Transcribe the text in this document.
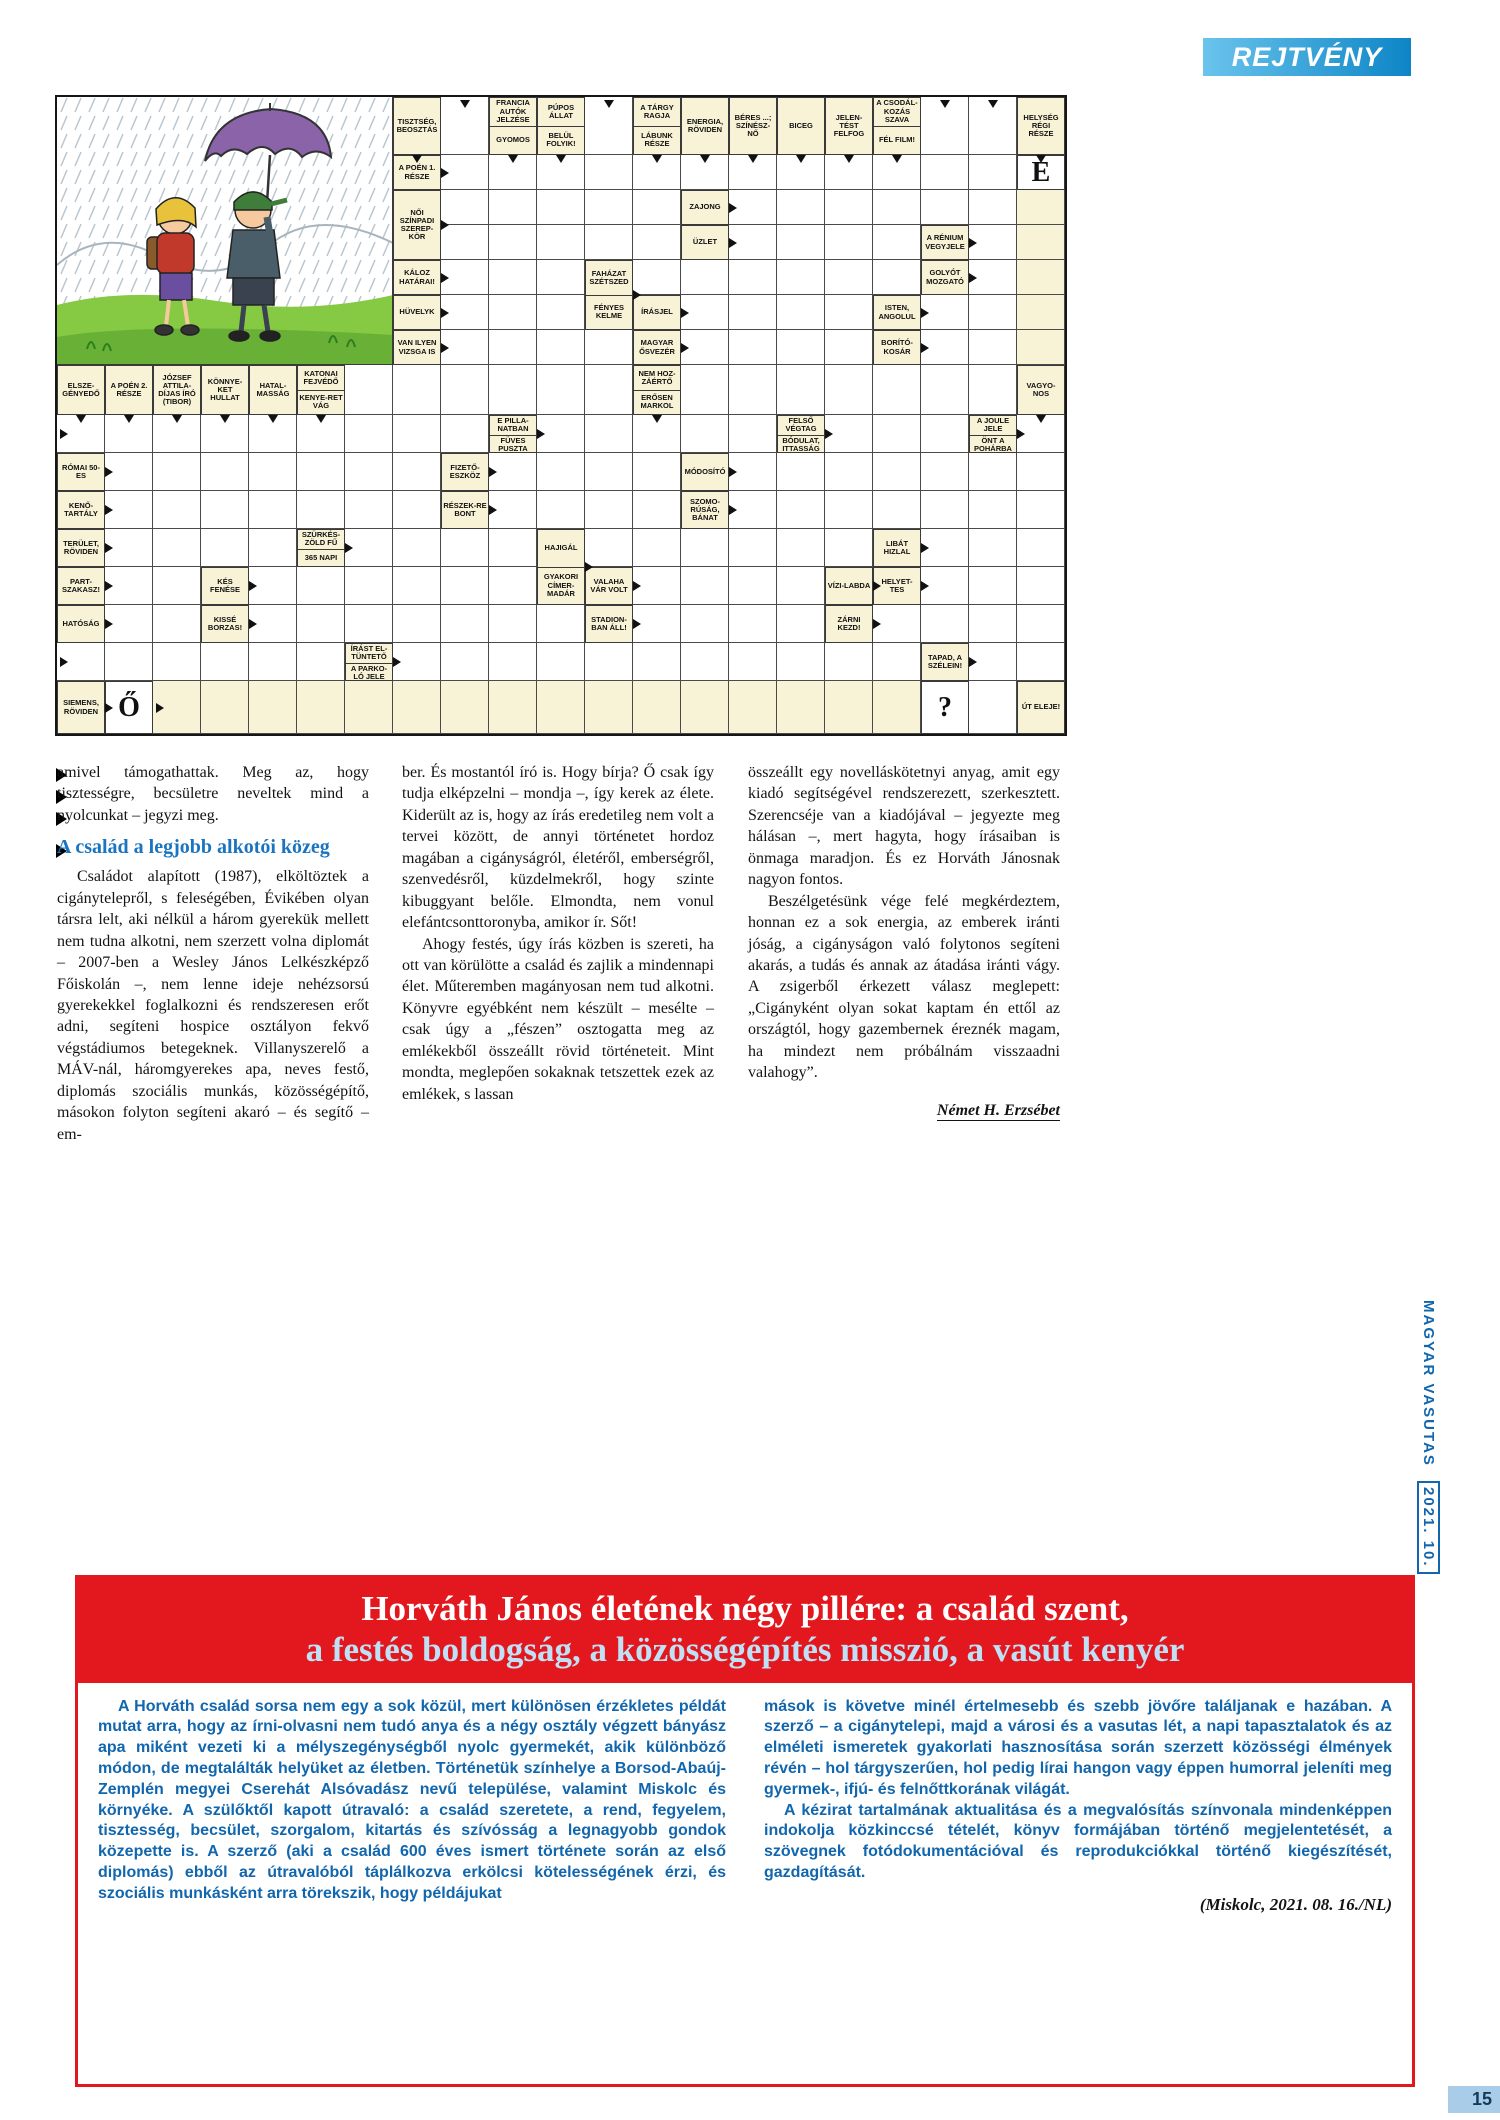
REJTVÉNY
TISZTSÉG, BEOSZTÁS
FRANCIA AUTÓK JELZÉSE
GYOMOS
PÚPOS ÁLLAT
BELÜL FOLYIK!
A TÁRGY RAGJA
LÁBUNK RÉSZE
ENERGIA, RÖVIDEN
BÉRES ...; SZÍNÉSZ-NŐ
BICEG
JELEN-TÉST FELFOG
A CSODÁL-KOZÁS SZAVA
FÉL FILM!
HELYSÉG RÉGI RÉSZE
A POÉN 1. RÉSZE
NŐI SZÍNPADI SZEREP-KÖR
ZAJONG
ÜZLET	A RÉNIUM VEGYJELE
GOLYÓT MOZGATÓ
KÁLOZ HATÁRAI!
FAHÁZAT SZÉTSZED
FÉNYES KELME
HÜVELYK	ÍRÁSJEL
MAGYAR ŐSVEZÉR
ISTEN, ANGOLUL
BORÍTÓ-KOSÁR
VAN ILYEN VIZSGA IS
ELSZE-GÉNYEDŐ
A POÉN 2. RÉSZE
JÓZSEF ATTILA-DÍJAS ÍRÓ (TIBOR)
KÖNNYE-KET HULLAT
HATAL-MASSÁG
KATONAI FEJVÉDŐ
KENYE-RET VÁG
NEM HOZ-ZÁÉRTŐ
ERŐSEN MARKOL
VAGYO-NOS
E PILLA-NATBAN
FÜVES PUSZTA
FELSŐ VÉGTAG
BÓDULAT, ITTASSÁG
A JOULE JELE
ÖNT A POHÁRBA
RÓMAI 50-ES
KENŐ-TARTÁLY
FIZETŐ-ESZKÖZ
RÉSZEK-RE BONT
MÓDOSÍTÓ
SZOMO-RÚSÁG, BÁNAT
TERÜLET, RÖVIDEN
SZÜRKÉS-ZÖLD FŰ
365 NAPI
HAJIGÁL
GYAKORI CÍMER-MADÁR
LIBÁT HIZLAL
HELYET-TES
PART-SZAKASZ!
HATÓSÁG
KÉS FENÉSE
KISSÉ BORZAS!
VALAHA VÁR VOLT
STADION-BAN ÁLL!
VÍZI-LABDA
ZÁRNI KEZD!
ÍRÁST EL-TÜNTETŐ
A PARKO-LÓ JELE
TAPAD, A SZÉLEIN!
SIEMENS, RÖVIDEN	ÚT ELEJE!
E
Ő	?

amivel támogathattak. Meg az, hogy tisztességre, becsületre neveltek mind a nyolcunkat – jegyzi meg.

A család a legjobb alkotói közeg

Családot alapított (1987), elköltöztek a cigánytelepről, s feleségében, Évikében olyan társra lelt, aki nélkül a három gyerekük mellett nem tudna alkotni, nem szerzett volna diplomát – 2007-ben a Wesley János Lelkészképző Főiskolán –, nem lenne ideje nehézsorsú gyerekekkel foglalkozni és rendszeresen erőt adni, segíteni hospice osztályon fekvő végstádiumos betegeknek. Villanyszerelő a MÁV-nál, háromgyerekes apa, neves festő, diplomás szociális munkás, közösségépítő, másokon folyton segíteni akaró – és segítő – em-

ber. És mostantól író is. Hogy bírja? Ő csak így tudja elképzelni – mondja –, így kerek az élete. Kiderült az is, hogy az írás eredetileg nem volt a tervei között, de annyi történetet hordoz magában a cigányságról, életéről, emberségről, szenvedésről, küzdelmekről, hogy szinte kibuggyant belőle. Elmondta, nem vonul elefántcsonttoronyba, amikor ír. Sőt!

Ahogy festés, úgy írás közben is szereti, ha ott van körülötte a család és zajlik a mindennapi élet. Műteremben magányosan nem tud alkotni. Könyvre egyébként nem készült – mesélte – csak úgy a „fészen” osztogatta meg az emlékekből összeállt rövid történeteit. Mint mondta, meglepően sokaknak tetszettek ezek az emlékek, s lassan

összeállt egy novelláskötetnyi anyag, amit egy kiadó segítségével rendszerezett, szerkesztett. Szerencséje van a kiadójával – jegyezte meg hálásan –, mert hagyta, hogy írásaiban is önmaga maradjon. És ez Horváth Jánosnak nagyon fontos.

Beszélgetésünk vége felé megkérdeztem, honnan ez a sok energia, az emberek iránti jóság, a cigányságon való folytonos segíteni akarás, a tudás és annak az átadása iránti vágy. A zsigerből érkezett válasz meglepett: „Cigányként olyan sokat kaptam én ettől az országtól, hogy gazembernek éreznék magam, ha mindezt nem próbálnám visszaadni valahogy”.

Német H. Erzsébet
Horváth János életének négy pillére: a család szent,
a festés boldogság, a közösségépítés misszió, a vasút kenyér

A Horváth család sorsa nem egy a sok közül, mert különösen érzékletes példát mutat arra, hogy az írni-olvasni nem tudó anya és a négy osztály végzett bányász apa miként vezeti ki a mélyszegénységből nyolc gyermekét, akik különböző módon, de megtalálták helyüket az életben. Történetük színhelye a Borsod-Abaúj-Zemplén megyei Cserehát Alsóvadász nevű települése, valamint Miskolc és környéke. A szülőktől kapott útravaló: a család szeretete, a rend, fegyelem, tisztesség, becsület, szorgalom, kitartás és szívósság a legnagyobb gondok közepette is. A szerző (aki a család 600 éves ismert története során az első diplomás) ebből az útravalóból táplálkozva erkölcsi kötelességének érzi, és szociális munkásként arra törekszik, hogy példájukat

mások is követve minél értelmesebb és szebb jövőre találjanak e hazában. A szerző – a cigánytelepi, majd a városi és a vasutas lét, a napi tapasztalatok és az elméleti ismeretek gyakorlati hasznosítása során szerzett közösségi élmények révén – hol tárgyszerűen, hol pedig lírai hangon vagy éppen humorral jeleníti meg gyermek-, ifjú- és felnőttkorának világát.

A kézirat tartalmának aktualitása és a megvalósítás színvonala mindenképpen indokolja közkinccsé tételét, könyv formájában történő megjelentetését, a szövegnek fotódokumentációval és reprodukciókkal történő kiegészítését, gazdagítását.

(Miskolc, 2021. 08. 16./NL)
MAGYAR VASUTAS 2021. 10.
15
